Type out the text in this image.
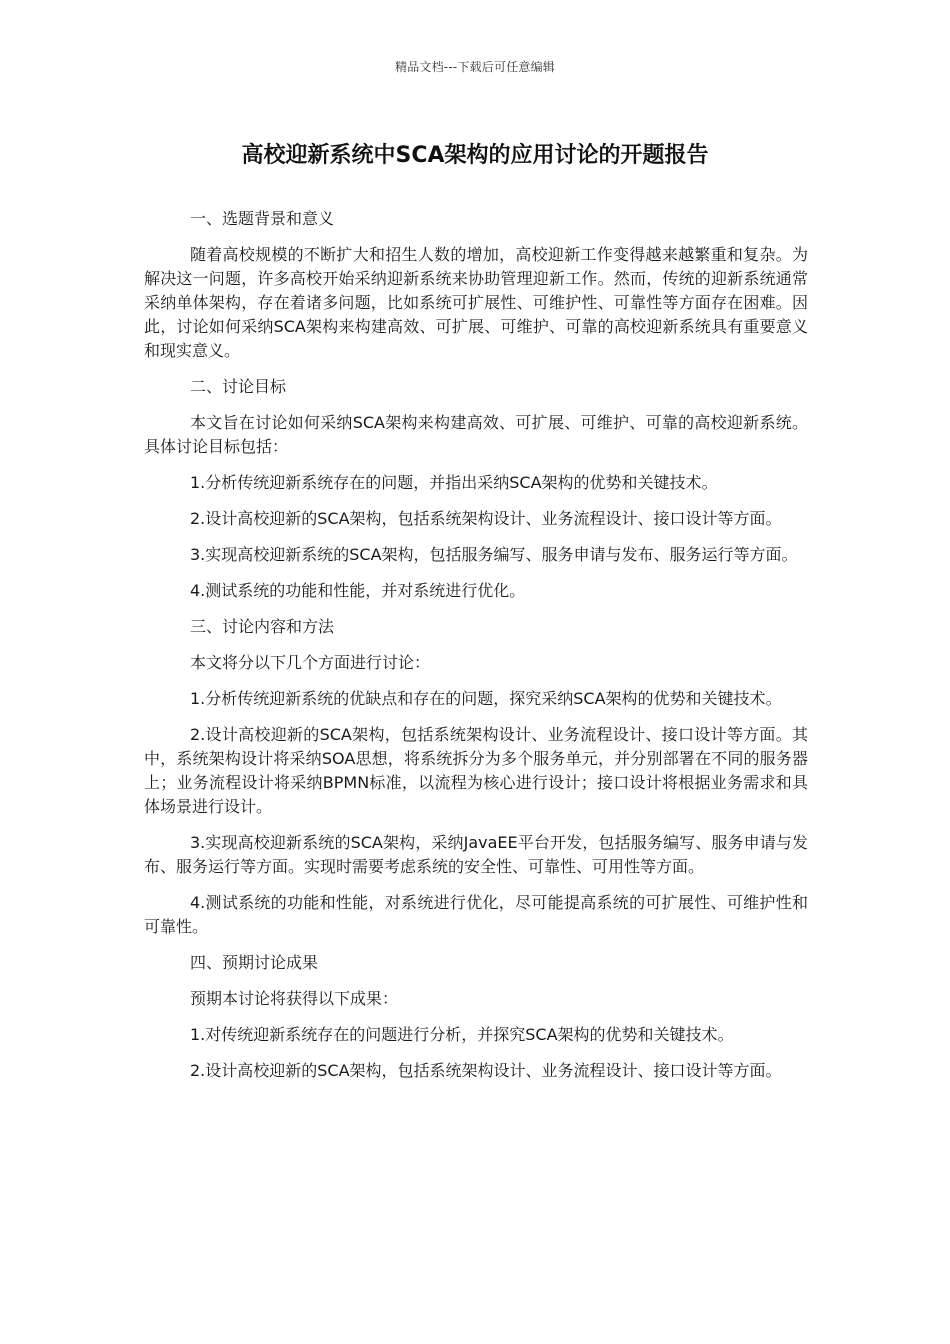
精品文档---下载后可任意编辑
高校迎新系统中SCA架构的应用讨论的开题报告

一、选题背景和意义

随着高校规模的不断扩大和招生人数的增加，高校迎新工作变得越来越繁重和复杂。为解决这一问题，许多高校开始采纳迎新系统来协助管理迎新工作。然而，传统的迎新系统通常采纳单体架构，存在着诸多问题，比如系统可扩展性、可维护性、可靠性等方面存在困难。因此，讨论如何采纳SCA架构来构建高效、可扩展、可维护、可靠的高校迎新系统具有重要意义和现实意义。

二、讨论目标

本文旨在讨论如何采纳SCA架构来构建高效、可扩展、可维护、可靠的高校迎新系统。具体讨论目标包括：

1.分析传统迎新系统存在的问题，并指出采纳SCA架构的优势和关键技术。

2.设计高校迎新的SCA架构，包括系统架构设计、业务流程设计、接口设计等方面。

3.实现高校迎新系统的SCA架构，包括服务编写、服务申请与发布、服务运行等方面。

4.测试系统的功能和性能，并对系统进行优化。

三、讨论内容和方法

本文将分以下几个方面进行讨论：

1.分析传统迎新系统的优缺点和存在的问题，探究采纳SCA架构的优势和关键技术。

2.设计高校迎新的SCA架构，包括系统架构设计、业务流程设计、接口设计等方面。其中，系统架构设计将采纳SOA思想，将系统拆分为多个服务单元，并分别部署在不同的服务器上；业务流程设计将采纳BPMN标准，以流程为核心进行设计；接口设计将根据业务需求和具体场景进行设计。

3.实现高校迎新系统的SCA架构，采纳JavaEE平台开发，包括服务编写、服务申请与发布、服务运行等方面。实现时需要考虑系统的安全性、可靠性、可用性等方面。

4.测试系统的功能和性能，对系统进行优化，尽可能提高系统的可扩展性、可维护性和可靠性。

四、预期讨论成果

预期本讨论将获得以下成果：

1.对传统迎新系统存在的问题进行分析，并探究SCA架构的优势和关键技术。

2.设计高校迎新的SCA架构，包括系统架构设计、业务流程设计、接口设计等方面。
